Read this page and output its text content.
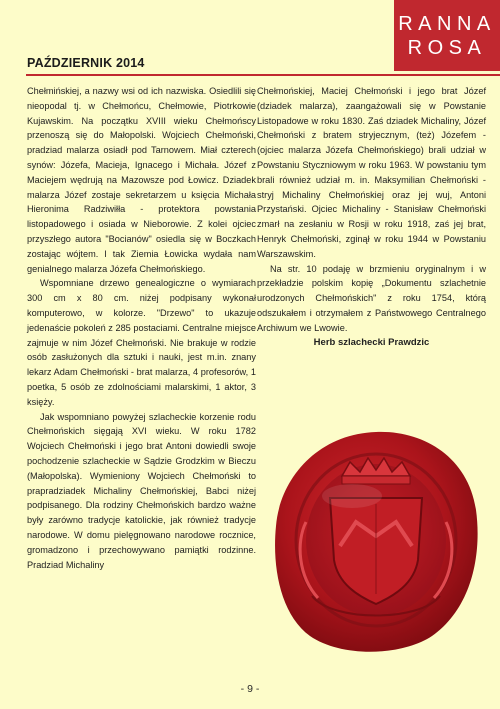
RANNA
ROSA
PAŹDZIERNIK 2014

Chełmińskiej, a nazwy wsi od ich nazwiska. Osiedlili się nieopodal tj. w Chełmońcu, Chełmowie, Piotrkowie Kujawskim. Na początku XVIII wieku Chełmońscy przenoszą się do Małopolski. Wojciech Chełmoński, pradziad malarza osiadł pod Tarnowem. Miał czterech synów: Józefa, Macieja, Ignacego i Michała. Józef z Maciejem wędrują na Mazowsze pod Łowicz. Dziadek malarza Józef zostaje sekretarzem u księcia Michała Hieronima Radziwiłła - protektora powstania listopadowego i osiada w Nieborowie. Z kolei ojciec przyszłego autora "Bocianów" osiedla się w Boczkach zostając wójtem. I tak Ziemia Łowicka wydała nam genialnego malarza Józefa Chełmońskiego.

Wspomniane drzewo genealogiczne o wymiarach 300 cm x 80 cm. niżej podpisany wykonał komputerowo, w kolorze. "Drzewo" to ukazuje jedenaście pokoleń z 285 postaciami. Centralne miejsce zajmuje w nim Józef Chełmoński. Nie brakuje w rodzie osób zasłużonych dla sztuki i nauki, jest m.in. znany lekarz Adam Chełmoński - brat malarza, 4 profesorów, 1 poetka, 5 osób ze zdolnościami malarskimi, 1 aktor, 3 księży.

Jak wspomniano powyżej szlacheckie korzenie rodu Chełmońskich sięgają XVI wieku. W roku 1782 Wojciech Chełmoński i jego brat Antoni dowiedli swoje pochodzenie szlacheckie w Sądzie Grodzkim w Bieczu (Małopolska). Wymieniony Wojciech Chełmoński to prapradziadek Michaliny Chełmońskiej, Babci niżej podpisanego. Dla rodziny Chełmońskich bardzo ważne były zarówno tradycje katolickie, jak również tradycje narodowe. W domu pielęgnowano narodowe rocznice, gromadzono i przechowywano pamiątki rodzinne. Pradziad Michaliny

Chełmońskiej, Maciej Chełmoński i jego brat Józef (dziadek malarza), zaangażowali się w Powstanie Listopadowe w roku 1830. Zaś dziadek Michaliny, Józef Chełmoński z bratem stryjecznym, (też) Józefem - (ojciec malarza Józefa Chełmońskiego) brali udział w Powstaniu Styczniowym w roku 1963. W powstaniu tym brali również udział m. in. Maksymilian Chełmoński - stryj Michaliny Chełmońskiej oraz jej wuj, Antoni Przystański. Ojciec Michaliny - Stanisław Chełmoński zmarł na zesłaniu w Rosji w roku 1918, zaś jej brat, Henryk Chełmoński, zginął w roku 1944 w Powstaniu Warszawskim.

Na str. 10 podaję w brzmieniu oryginalnym i w przekładzie polskim kopię „Dokumentu szlachetnie urodzonych Chełmońskich" z roku 1754, którą odszukałem i otrzymałem z Państwowego Centralnego Archiwum we Lwowie.

Herb szlachecki Prawdzic

- 9 -
